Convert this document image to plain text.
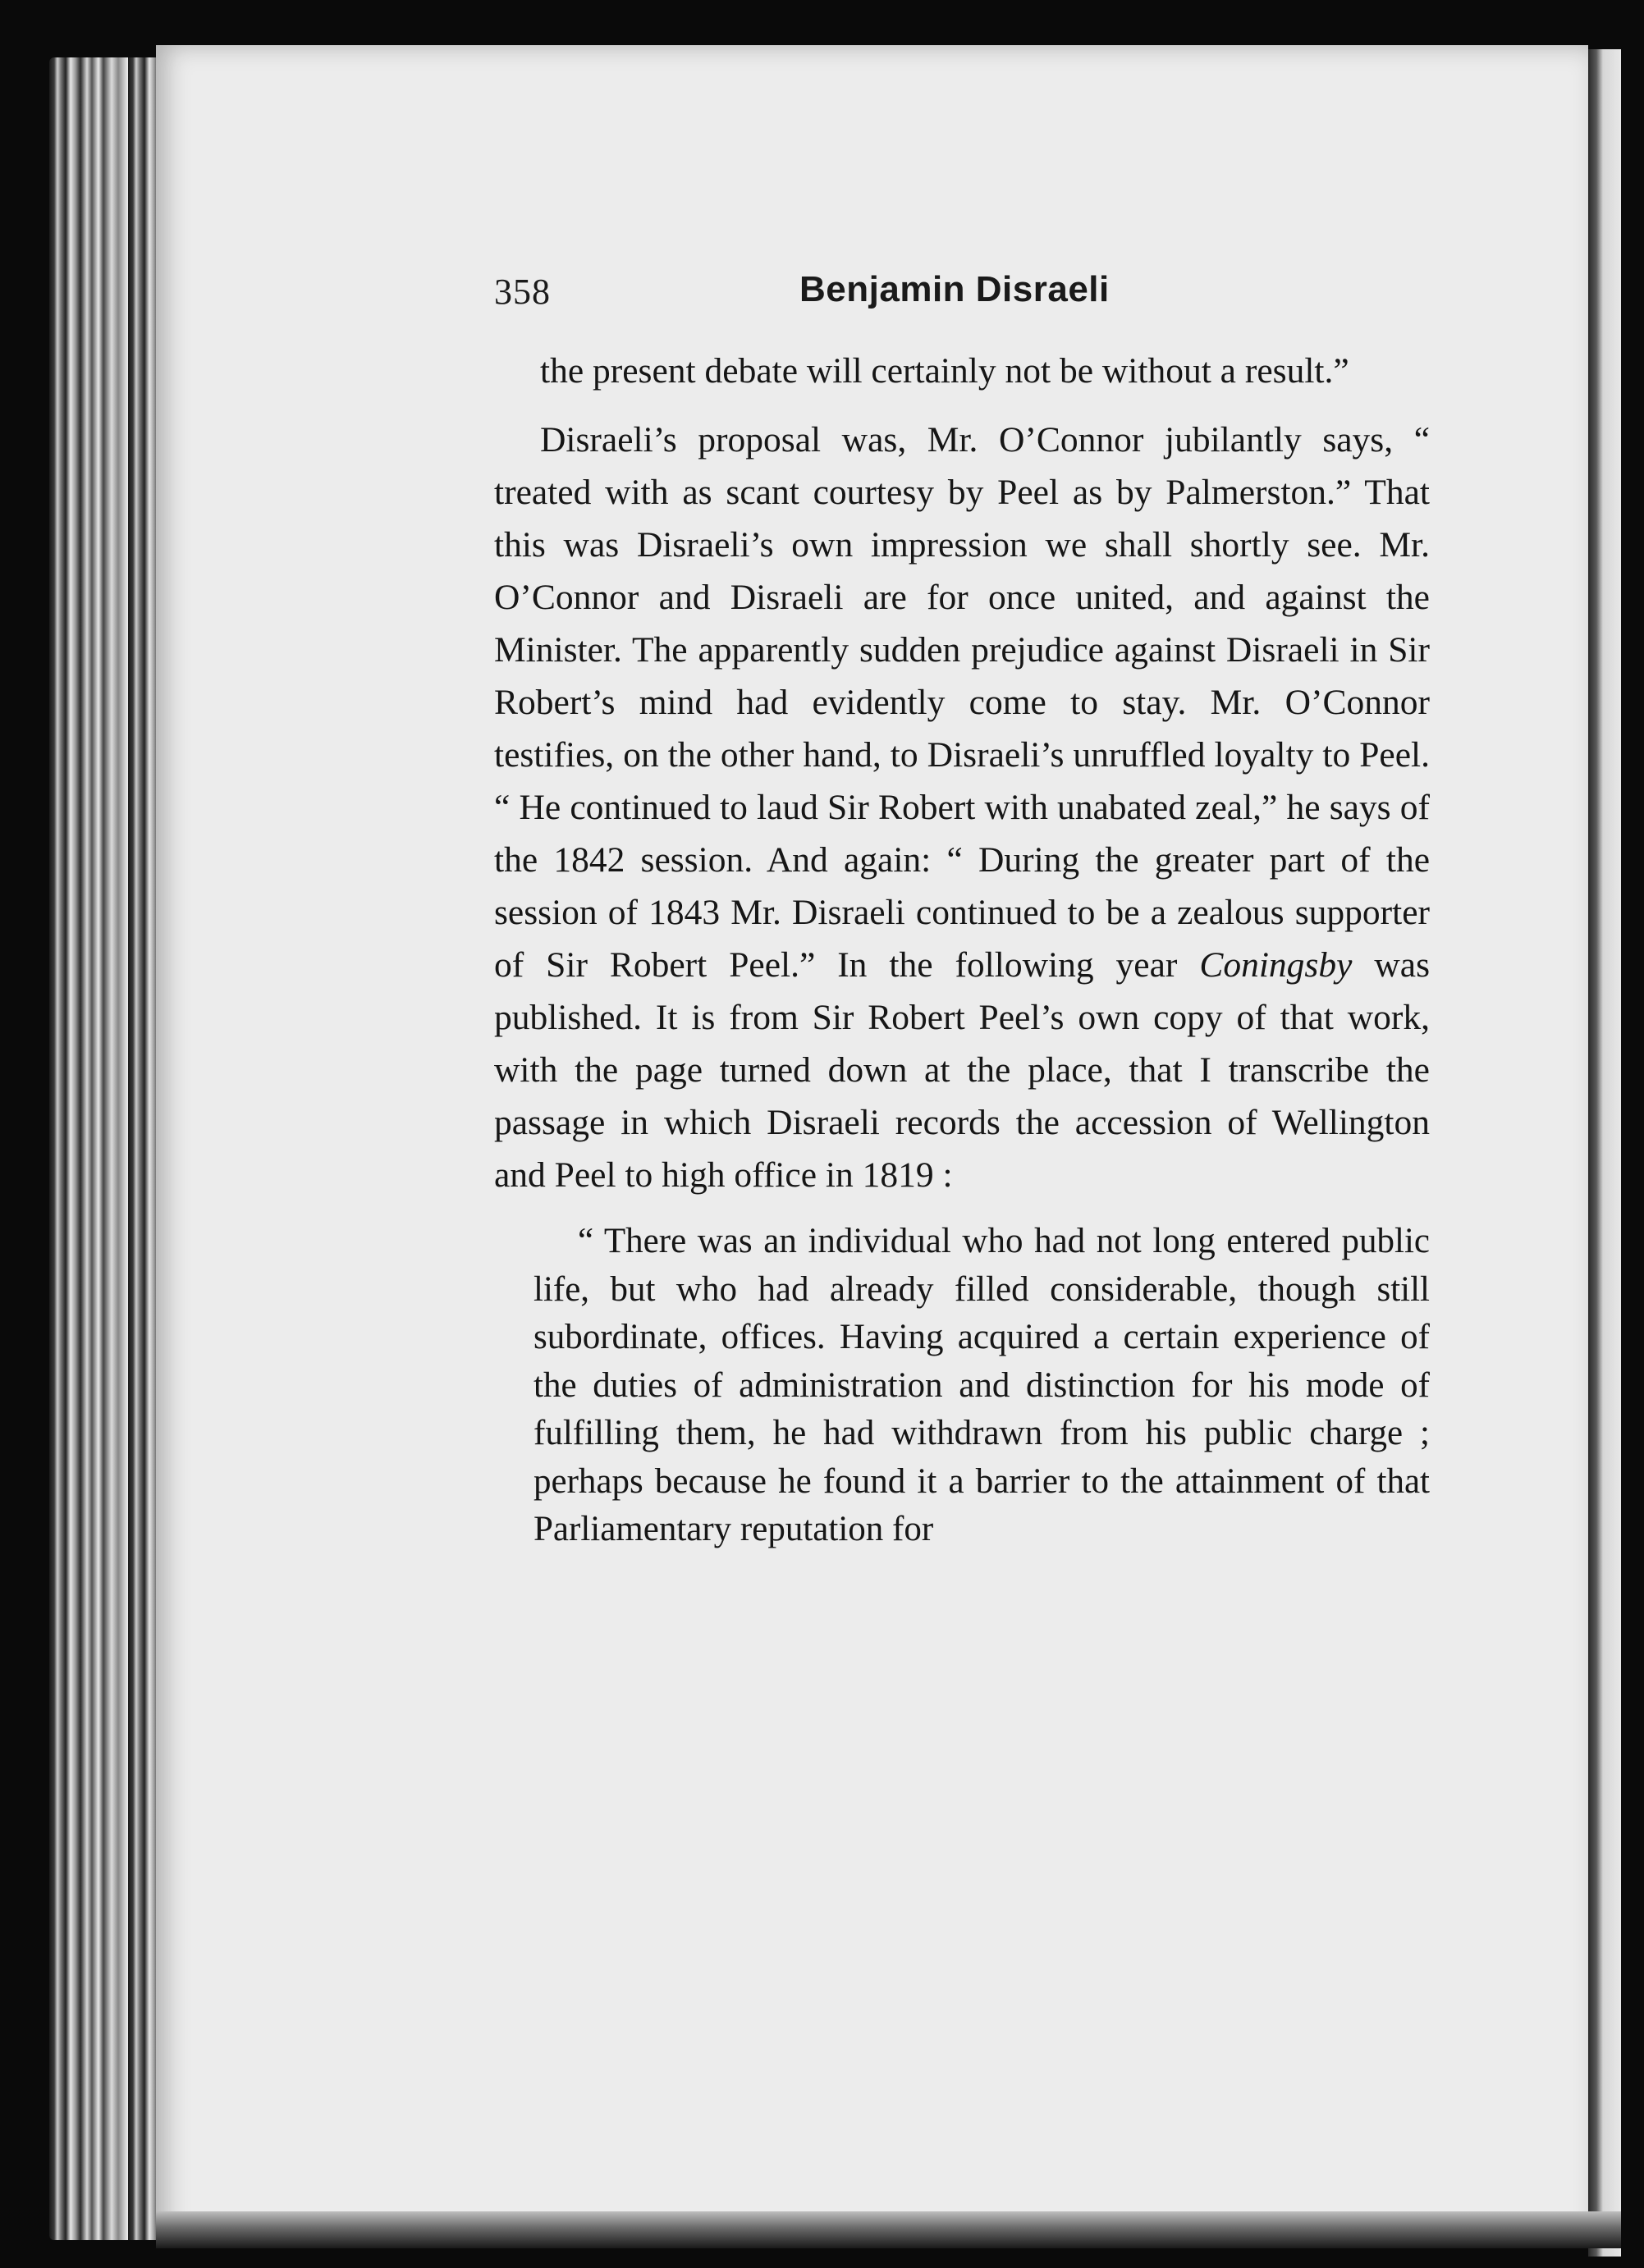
358	Benjamin Disraeli

the present debate will certainly not be without a result.”

Disraeli’s proposal was, Mr. O’Connor jubilantly says, “ treated with as scant courtesy by Peel as by Palmerston.” That this was Disraeli’s own impression we shall shortly see. Mr. O’Connor and Disraeli are for once united, and against the Minister. The apparently sudden prejudice against Disraeli in Sir Robert’s mind had evidently come to stay. Mr. O’Connor testifies, on the other hand, to Disraeli’s unruffled loyalty to Peel. “ He continued to laud Sir Robert with unabated zeal,” he says of the 1842 session. And again: “ During the greater part of the session of 1843 Mr. Disraeli continued to be a zealous supporter of Sir Robert Peel.” In the following year Coningsby was published. It is from Sir Robert Peel’s own copy of that work, with the page turned down at the place, that I transcribe the passage in which Disraeli records the accession of Wellington and Peel to high office in 1819 :

“ There was an individual who had not long entered public life, but who had already filled considerable, though still subordinate, offices. Having acquired a certain experience of the duties of administration and distinction for his mode of fulfilling them, he had withdrawn from his public charge ; perhaps because he found it a barrier to the attainment of that Parliamentary reputation for
